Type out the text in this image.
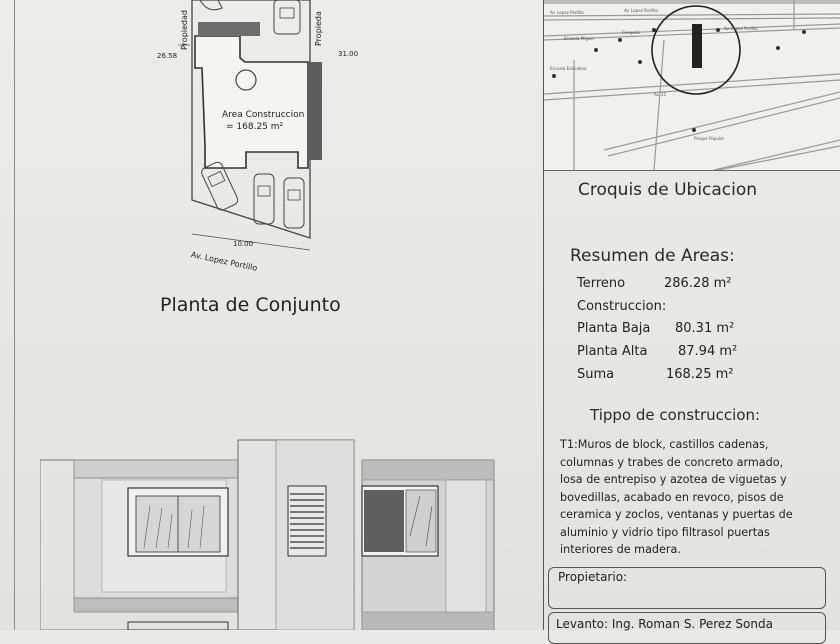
Area Construccion
= 168.25 m²
26.58	31.00
10.00
Av. Lopez Portillo
Propiedad	Propieda
Planta de Conjunto
Av. Lopez Portillo	Av. Lopez Portillo
Escuela Miguel
Cinepolis
Av. Lopez Portillo
Escuela Educativa
Av. 21
Parque Popular
Croquis de Ubicacion
Resumen de Areas:
Terreno	286.28 m²
Construccion:
Planta Baja 80.31 m²
Planta Alta 87.94 m²
Suma	168.25 m²
Tippo de construccion:
T1:Muros de block, castillos cadenas,
columnas y trabes de concreto armado,
losa de entrepiso y azotea de viguetas y
bovedillas, acabado en revoco, pisos de
ceramica y zoclos, ventanas y puertas de
aluminio y vidrio tipo filtrasol puertas
interiores de madera.
Propietario:
Levanto: Ing. Roman S. Perez Sonda
